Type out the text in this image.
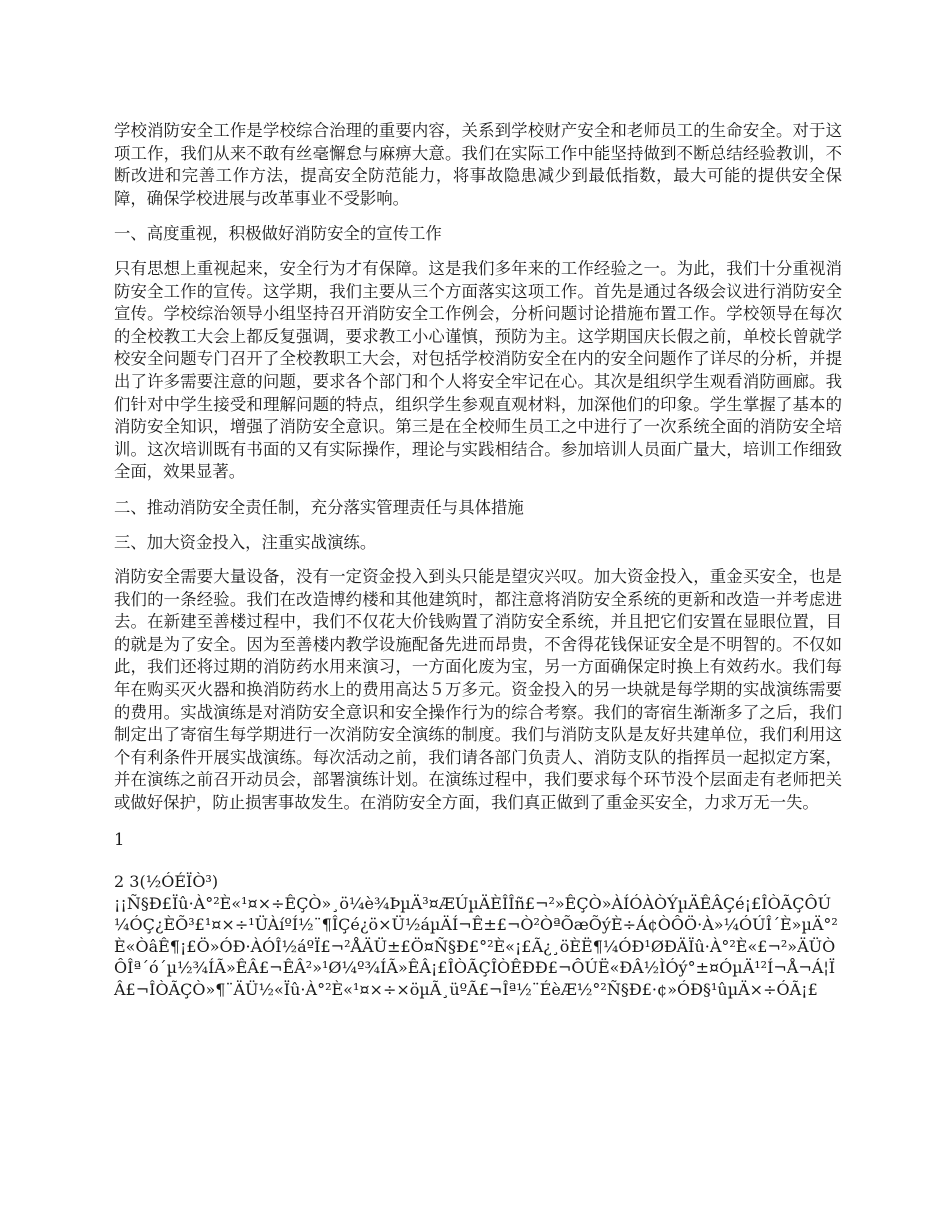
学校消防安全工作是学校综合治理的重要内容，关系到学校财产安全和老师员工的生命安全。对于这项工作，我们从来不敢有丝毫懈怠与麻痹大意。我们在实际工作中能坚持做到不断总结经验教训，不断改进和完善工作方法，提高安全防范能力，将事故隐患减少到最低指数，最大可能的提供安全保障，确保学校进展与改革事业不受影响。

一、高度重视，积极做好消防安全的宣传工作

只有思想上重视起来，安全行为才有保障。这是我们多年来的工作经验之一。为此，我们十分重视消防安全工作的宣传。这学期，我们主要从三个方面落实这项工作。首先是通过各级会议进行消防安全宣传。学校综治领导小组坚持召开消防安全工作例会，分析问题讨论措施布置工作。学校领导在每次的全校教工大会上都反复强调，要求教工小心谨慎，预防为主。这学期国庆长假之前，单校长曾就学校安全问题专门召开了全校教职工大会，对包括学校消防安全在内的安全问题作了详尽的分析，并提出了许多需要注意的问题，要求各个部门和个人将安全牢记在心。其次是组织学生观看消防画廊。我们针对中学生接受和理解问题的特点，组织学生参观直观材料，加深他们的印象。学生掌握了基本的消防安全知识，增强了消防安全意识。第三是在全校师生员工之中进行了一次系统全面的消防安全培训。这次培训既有书面的又有实际操作，理论与实践相结合。参加培训人员面广量大，培训工作细致全面，效果显著。

二、推动消防安全责任制，充分落实管理责任与具体措施

三、加大资金投入，注重实战演练。

消防安全需要大量设备，没有一定资金投入到头只能是望灾兴叹。加大资金投入，重金买安全，也是我们的一条经验。我们在改造博约楼和其他建筑时，都注意将消防安全系统的更新和改造一并考虑进去。在新建至善楼过程中，我们不仅花大价钱购置了消防安全系统，并且把它们安置在显眼位置，目的就是为了安全。因为至善楼内教学设施配备先进而昂贵，不舍得花钱保证安全是不明智的。不仅如此，我们还将过期的消防药水用来演习，一方面化废为宝，另一方面确保定时换上有效药水。我们每年在购买灭火器和换消防药水上的费用高达５万多元。资金投入的另一块就是每学期的实战演练需要的费用。实战演练是对消防安全意识和安全操作行为的综合考察。我们的寄宿生渐渐多了之后，我们制定出了寄宿生每学期进行一次消防安全演练的制度。我们与消防支队是友好共建单位，我们利用这个有利条件开展实战演练。每次活动之前，我们请各部门负责人、消防支队的指挥员一起拟定方案，并在演练之前召开动员会，部署演练计划。在演练过程中，我们要求每个环节没个层面走有老师把关或做好保护，防止损害事故发生。在消防安全方面，我们真正做到了重金买安全，力求万无一失。

1

2 3(½ÓÉÏÒ³)

¡¡Ñ§Ð£Ïû·À°²È«¹¤×÷ÊÇÒ»¸ö¼è¾ÞµÄ³¤ÆÚµÄÈÎÎñ£¬²»ÊÇÒ»ÀÍÓÀÒÝµÄÊÂÇé¡£ÎÒÃÇÔÚ¼ÓÇ¿ÈÕ³£¹¤×÷¹ÜÀíºÍ½¨¶ÎÇé¿ö×Ü½áµÄÍ¬Ê±£¬Ò²ÒªÕæÕýÈ÷Á¢ÒÔÖ·À»¼ÓÚÎ´È»µÄ°²È«ÒâÊ¶¡£Ö»ÓÐ·ÀÓÎ½áºÏ£¬²ÅÄÜ±£Ö¤Ñ§Ð£°²È«¡£Ã¿¸öÈË¶¼ÓÐ¹ØÐÄÏû·À°²È«£¬²»ÄÜÒÔÎª´ó´µ½¾ÍÃ»ÊÂ£¬ÊÂ²»¹Ø¼º¾ÍÃ»ÊÂ¡£ÎÒÃÇÎÒÊÐÐ£¬ÔÚË«ÐÂ½ÌÓý°±¤ÓµÄ¹²Í¬Å¬Á¦ÏÂ£¬ÎÒÃÇÒ»¶¨ÄÜ½«Ïû·À°²È«¹¤×÷×öµÃ¸üºÃ£¬Îª½¨ÉèÆ½°²Ñ§Ð£·¢»ÓÐ§¹ûµÄ×÷ÓÃ¡£
